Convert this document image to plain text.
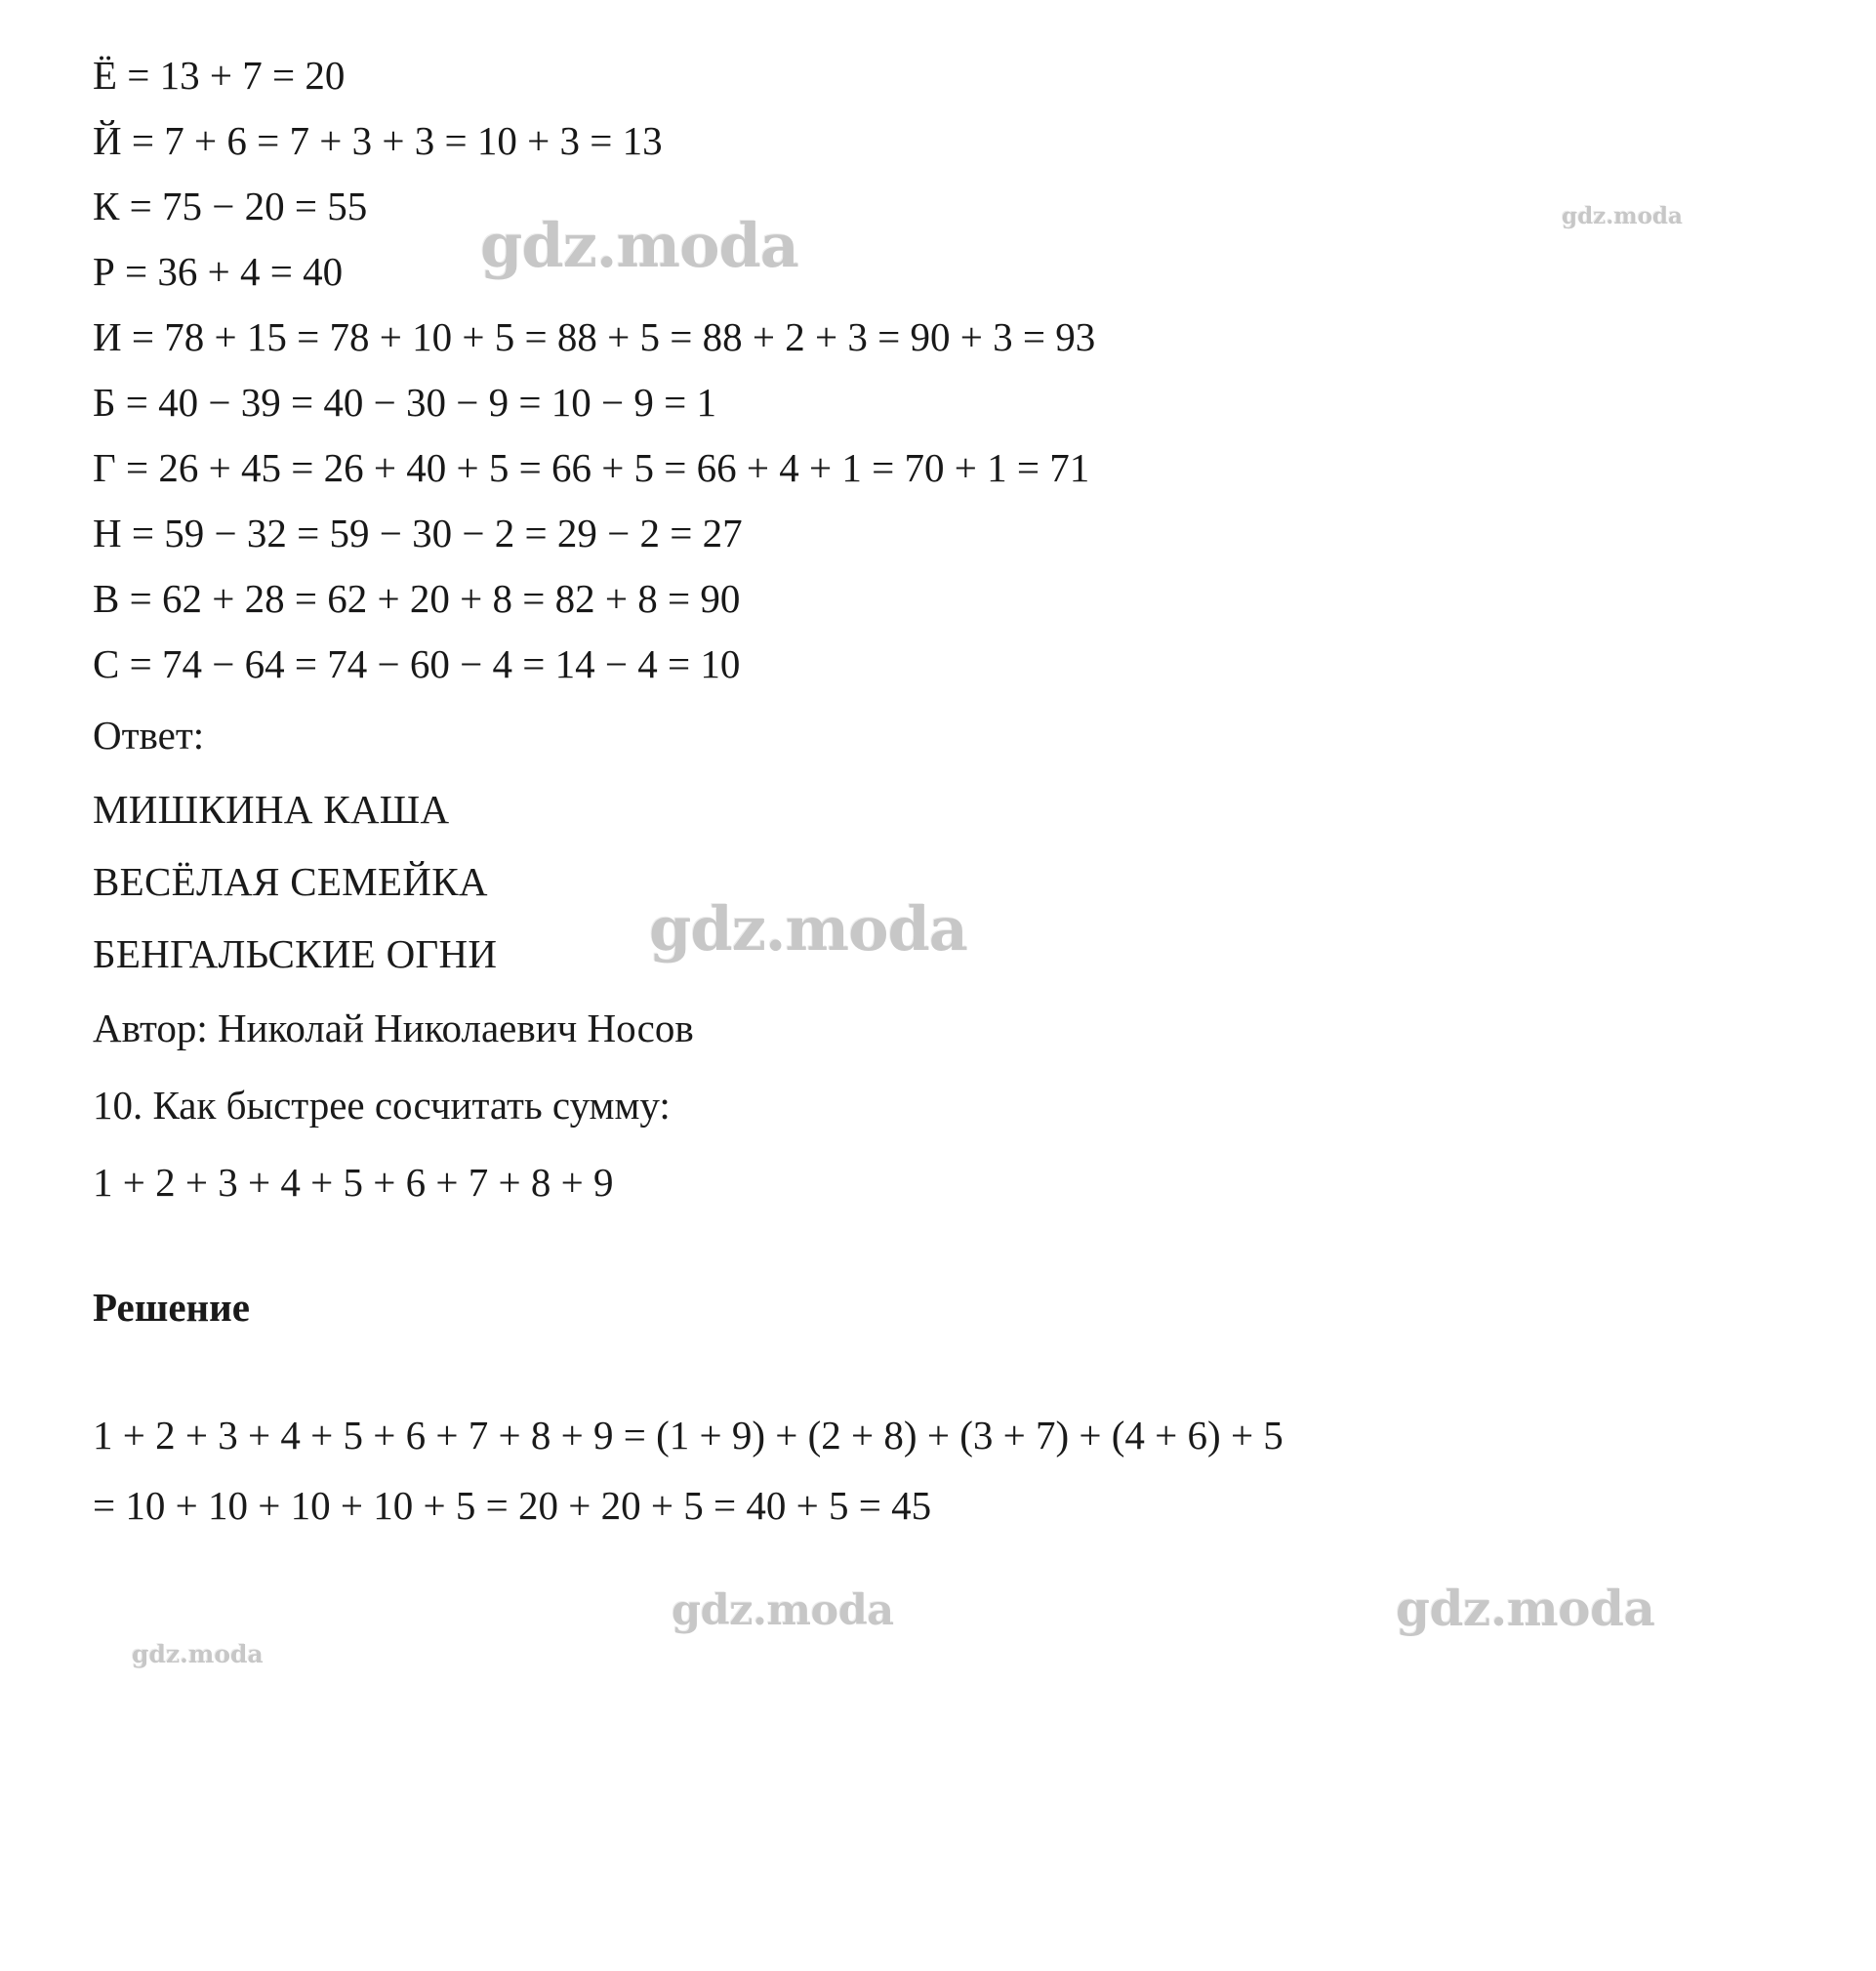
Ё = 13 + 7 = 20
Й = 7 + 6 = 7 + 3 + 3 = 10 + 3 = 13
К = 75 − 20 = 55
Р = 36 + 4 = 40
И = 78 + 15 = 78 + 10 + 5 = 88 + 5 = 88 + 2 + 3 = 90 + 3 = 93
Б = 40 − 39 = 40 − 30 − 9 = 10 − 9 = 1
Г = 26 + 45 = 26 + 40 + 5 = 66 + 5 = 66 + 4 + 1 = 70 + 1 = 71
Н = 59 − 32 = 59 − 30 − 2 = 29 − 2 = 27
В = 62 + 28 = 62 + 20 + 8 = 82 + 8 = 90
С = 74 − 64 = 74 − 60 − 4 = 14 − 4 = 10
Ответ:
МИШКИНА КАША
ВЕСЁЛАЯ СЕМЕЙКА
БЕНГАЛЬСКИЕ ОГНИ
Автор: Николай Николаевич Носов
10. Как быстрее сосчитать сумму:
1 + 2 + 3 + 4 + 5 + 6 + 7 + 8 + 9
Решение
1 + 2 + 3 + 4 + 5 + 6 + 7 + 8 + 9 = (1 + 9) + (2 + 8) + (3 + 7) + (4 + 6) + 5
= 10 + 10 + 10 + 10 + 5 = 20 + 20 + 5 = 40 + 5 = 45
gdz.moda	gdz.moda
gdz.moda
gdz.moda	gdz.moda
gdz.moda
